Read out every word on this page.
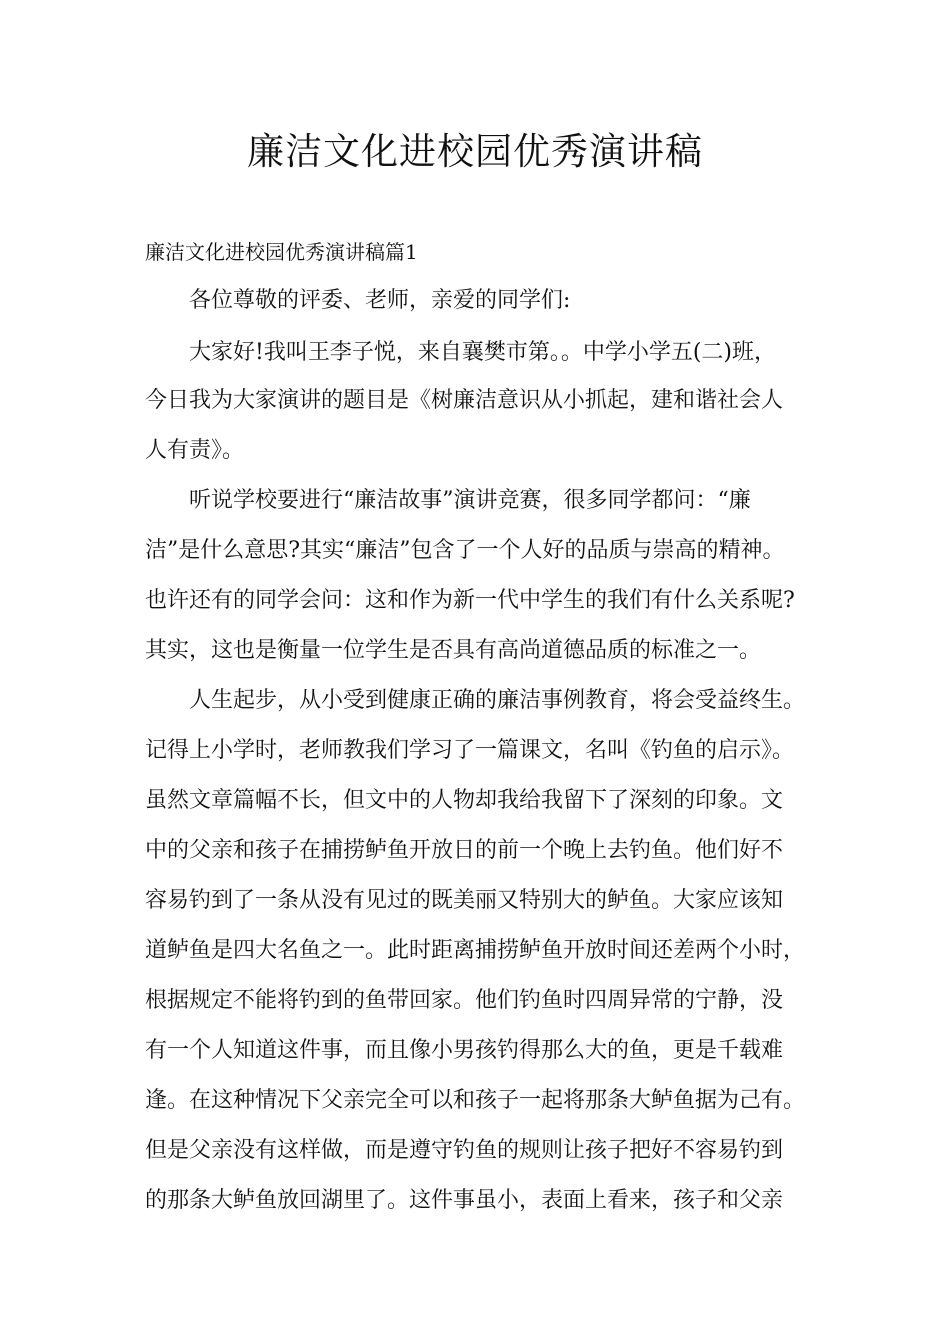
廉洁文化进校园优秀演讲稿

廉洁文化进校园优秀演讲稿篇1

各位尊敬的评委、老师，亲爱的同学们:

大家好!我叫王李子悦，来自襄樊市第。。中学小学五(二)班，

今日我为大家演讲的题目是《树廉洁意识从小抓起，建和谐社会人

人有责》。

听说学校要进行“廉洁故事”演讲竞赛，很多同学都问：“廉

洁”是什么意思?其实“廉洁”包含了一个人好的品质与崇高的精神。

也许还有的同学会问：这和作为新一代中学生的我们有什么关系呢?

其实，这也是衡量一位学生是否具有高尚道德品质的标准之一。

人生起步，从小受到健康正确的廉洁事例教育，将会受益终生。

记得上小学时，老师教我们学习了一篇课文，名叫《钓鱼的启示》。

虽然文章篇幅不长，但文中的人物却我给我留下了深刻的印象。文

中的父亲和孩子在捕捞鲈鱼开放日的前一个晚上去钓鱼。他们好不

容易钓到了一条从没有见过的既美丽又特别大的鲈鱼。大家应该知

道鲈鱼是四大名鱼之一。此时距离捕捞鲈鱼开放时间还差两个小时，

根据规定不能将钓到的鱼带回家。他们钓鱼时四周异常的宁静，没

有一个人知道这件事，而且像小男孩钓得那么大的鱼，更是千载难

逢。在这种情况下父亲完全可以和孩子一起将那条大鲈鱼据为己有。

但是父亲没有这样做，而是遵守钓鱼的规则让孩子把好不容易钓到

的那条大鲈鱼放回湖里了。这件事虽小，表面上看来，孩子和父亲
